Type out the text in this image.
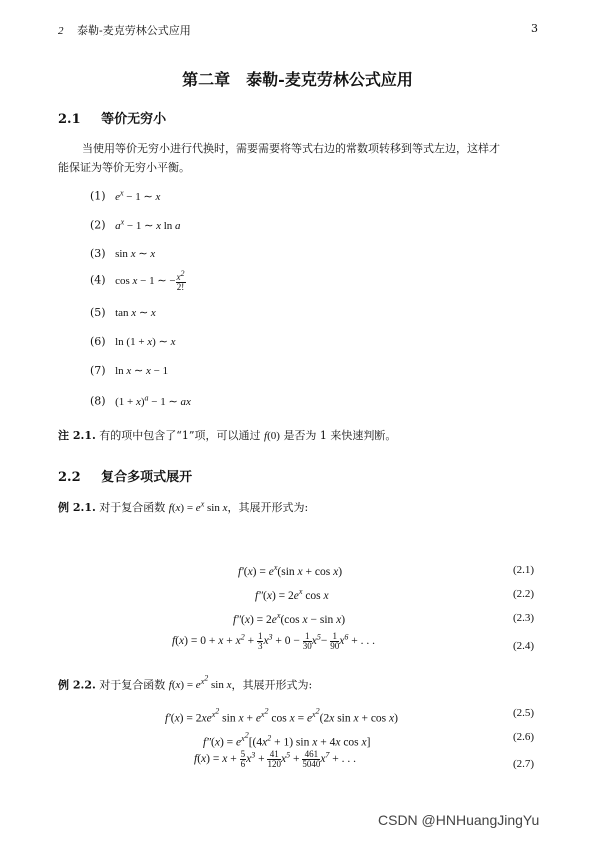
2 泰勒-麦克劳林公式应用	3
第二章　泰勒-麦克劳林公式应用
2.1 等价无穷小
当使用等价无穷小进行代换时，需要需要将等式右边的常数项转移到等式左边，这样才
能保证为等价无穷小平衡。
(1) $e^x - 1$ ∼ x
(2) $a^x - 1$ ∼ x ln a
(3) sin x ∼ x
(4) cos x − 1 ∼ − $\frac{x^2}{2!}$
(5) tan x ∼ x
(6) ln (1 + x) ∼ x
(7) ln x ∼ x − 1
(8) $(1 + x)^a - 1$ ∼ ax
注 2.1. 有的项中包含了“1”项，可以通过 f(0) 是否为 1 来快速判断。
2.2 复合多项式展开
例 2.1. 对于复合函数 $f(x) = e^x$ sin x，其展开形式为:
$f'(x) = e^x(\sin$ x + cos x)	(2.1)
$f''(x) = 2e^x$ cos x	(2.2)
$f''(x) = 2e^x(\cos$ x − sin x)	(2.3)
$f(x) = 0 + x + x^2 + \frac{1}{3} x^3 + 0 - \frac{1}{30} x^5- \frac{1}{90} x^6$ + . . .	(2.4)
例 2.2. 对于复合函数 $f(x) = e^{x^2}$ sin x，其展开形式为:
$f'(x) = 2xe^{x^2}$ $\sin x + e^{x^2}$ $\cos x = e^{x^2}(2x$ sin x + cos x)	(2.5)
$f''(x) = e^{x^2}[(4x^2 + 1)$ sin x + 4x cos x]	(2.6)
$f(x) = x + \frac{5}{6} x^3 + \frac{41}{120} x^5 + \frac{461}{5040} x^7$ + . . .	(2.7)
CSDN @HNHuangJingYu
